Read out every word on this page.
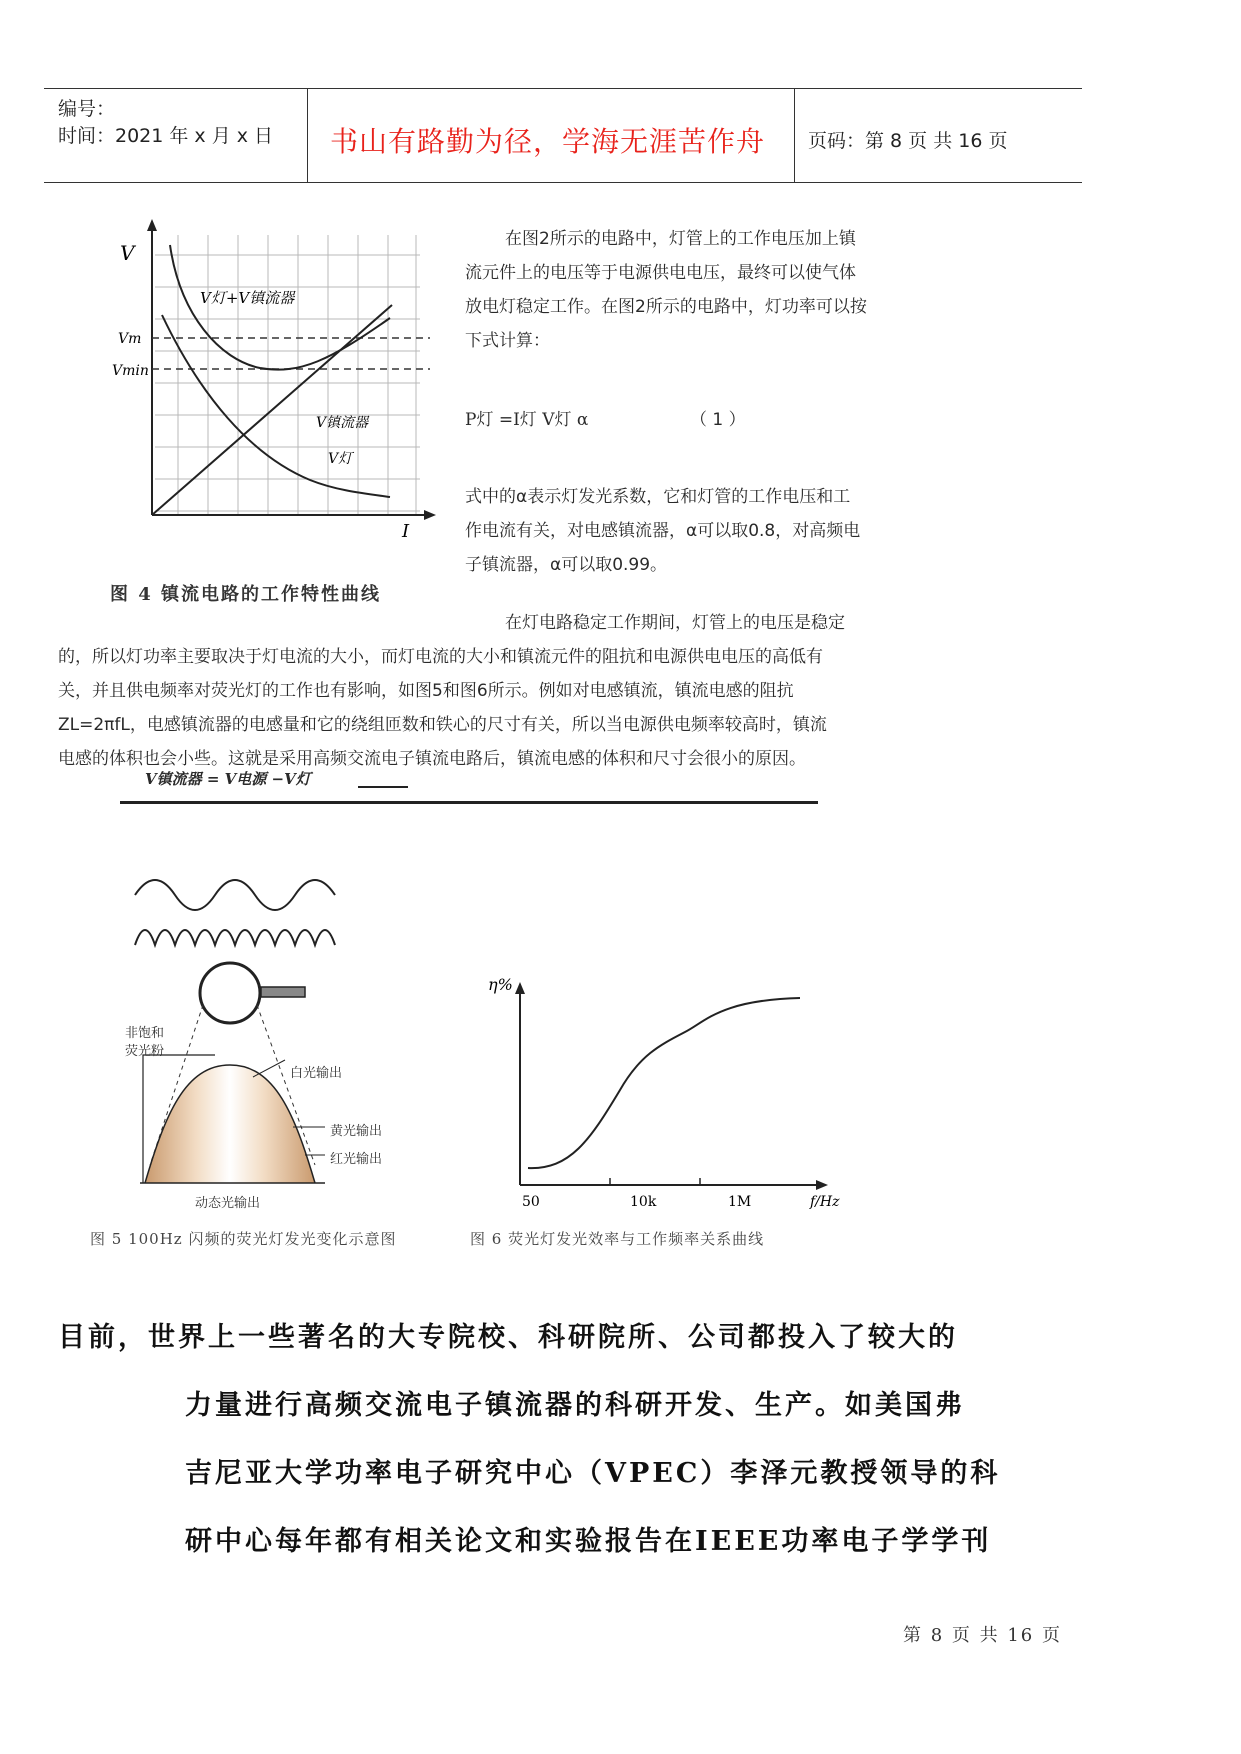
编号：
时间：2021 年 x 月 x 日 书山有路勤为径，学海无涯苦作舟 页码：第 8 页 共 16 页
V
I
V灯+V镇流器
Vm
Vmin
V镇流器
V灯
图 4 镇流电路的工作特性曲线
在图2所示的电路中，灯管上的工作电压加上镇
流元件上的电压等于电源供电电压，最终可以使气体
放电灯稳定工作。在图2所示的电路中，灯功率可以按
下式计算：
P灯 =I灯 V灯 α	（ 1 ）
式中的α表示灯发光系数，它和灯管的工作电压和工
作电流有关，对电感镇流器，α可以取0.8，对高频电
子镇流器，α可以取0.99。
在灯电路稳定工作期间，灯管上的电压是稳定
的，所以灯功率主要取决于灯电流的大小，而灯电流的大小和镇流元件的阻抗和电源供电电压的高低有
关，并且供电频率对荧光灯的工作也有影响，如图5和图6所示。例如对电感镇流，镇流电感的阻抗
ZL=2πfL，电感镇流器的电感量和它的绕组匝数和铁心的尺寸有关，所以当电源供电频率较高时，镇流
电感的体积也会小些。这就是采用高频交流电子镇流电路后，镇流电感的体积和尺寸会很小的原因。
V镇流器 = V电源 −V灯
非饱和
荧光粉
白光输出
黄光输出
红光输出
动态光输出
图 5 100Hz 闪频的荧光灯发光变化示意图
η%
50	10k	1M	f/Hz
图 6 荧光灯发光效率与工作频率关系曲线
目前，世界上一些著名的大专院校、科研院所、公司都投入了较大的
力量进行高频交流电子镇流器的科研开发、生产。如美国弗
吉尼亚大学功率电子研究中心（VPEC）李泽元教授领导的科
研中心每年都有相关论文和实验报告在IEEE功率电子学学刊
第 8 页 共 16 页
